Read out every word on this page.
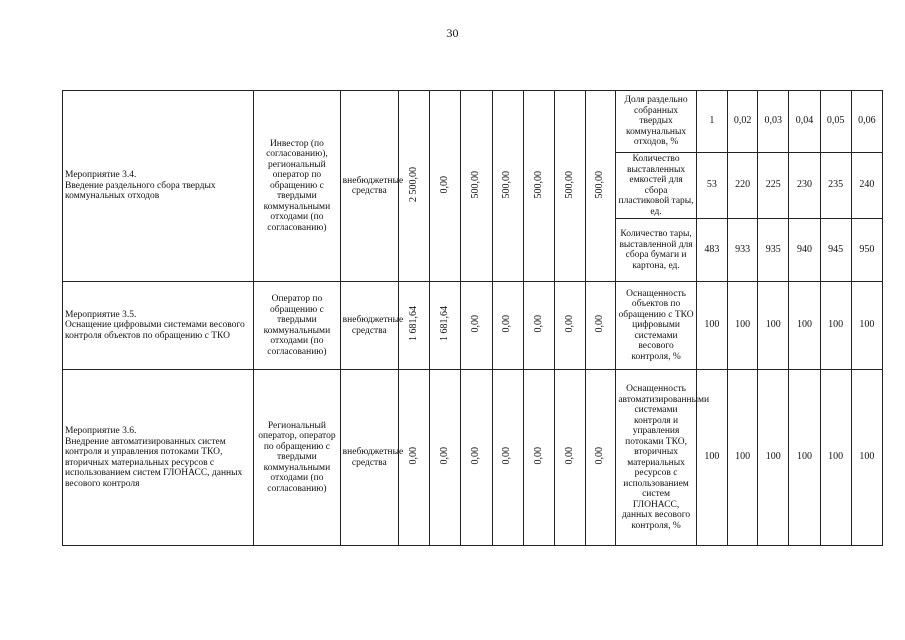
30
Мероприятие 3.4.
Введение раздельного сбора твердых коммунальных отходов	Инвестор (по согласованию), региональный оператор по обращению с твердыми коммунальными отходами (по согласованию)	внебюджетные средства	2 500,00	0,00	500,00	500,00	500,00	500,00	500,00	Доля раздельно собранных твердых коммунальных отходов, %	1	0,02	0,03	0,04	0,05	0,06
										Количество выставленных емкостей для сбора пластиковой тары, ед.	53	220	225	230	235	240
										Количество тары, выставленной для сбора бумаги и картона, ед.	483	933	935	940	945	950

Мероприятие 3.5.
Оснащение цифровыми системами весового контроля объектов по обращению с ТКО	Оператор по обращению с твердыми коммунальными отходами (по согласованию)	внебюджетные средства	1 681,64	1 681,64	0,00	0,00	0,00	0,00	0,00	Оснащенность объектов по обращению с ТКО цифровыми системами весового контроля, %	100	100	100	100	100	100

Мероприятие 3.6.
Внедрение автоматизированных систем контроля и управления потоками ТКО, вторичных материальных ресурсов с использованием систем ГЛОНАСС, данных весового контроля	Региональный оператор, оператор по обращению с твердыми коммунальными отходами (по согласованию)	внебюджетные средства	0,00	0,00	0,00	0,00	0,00	0,00	0,00	Оснащенность автоматизированными системами контроля и управления потоками ТКО, вторичных материальных ресурсов с использованием систем ГЛОНАСС, данных весового контроля, %	100	100	100	100	100	100
